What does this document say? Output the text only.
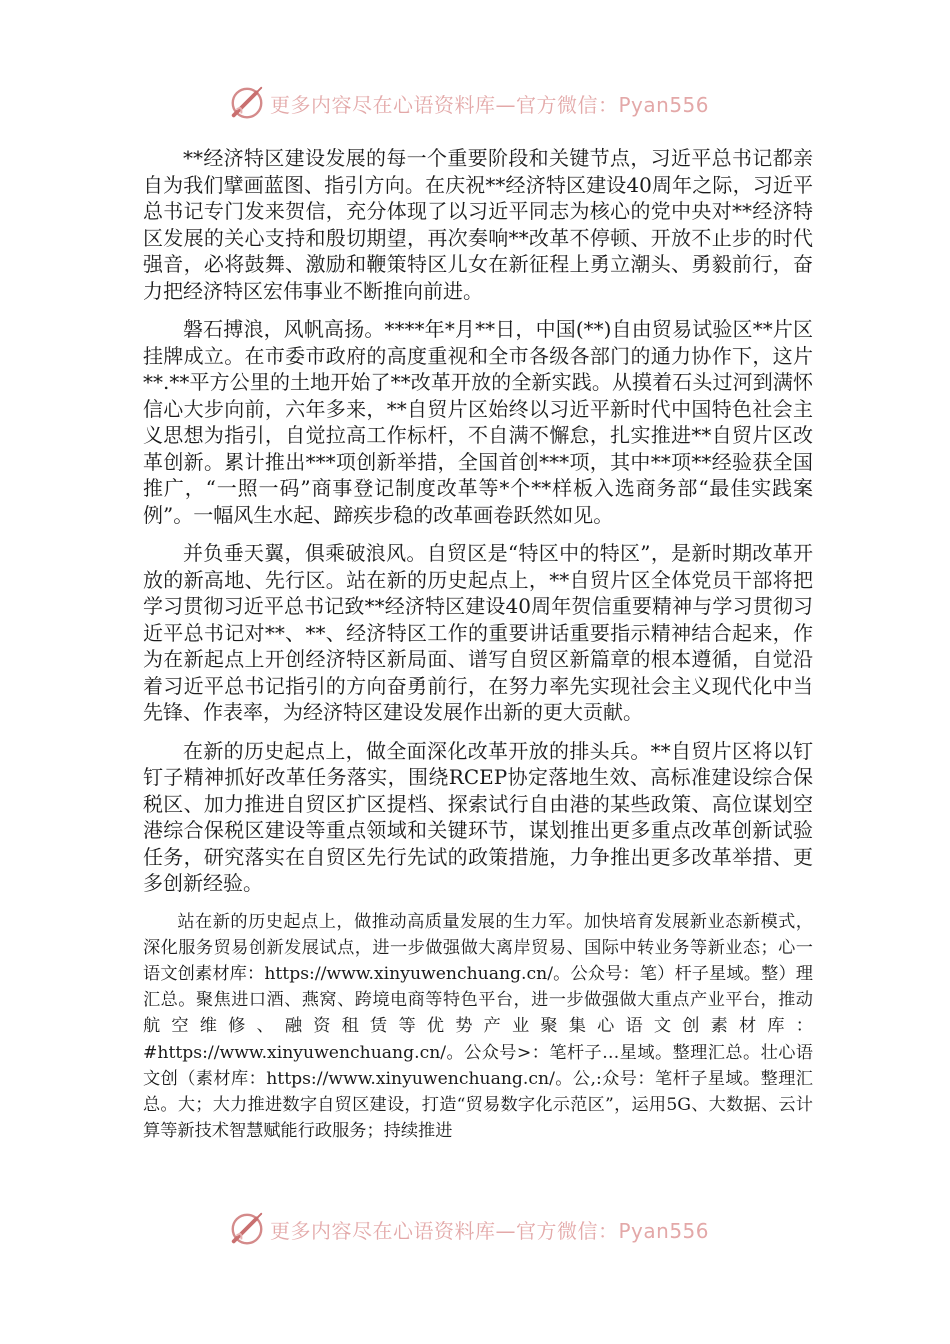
更多内容尽在心语资料库—官方微信：Pyan556

**经济特区建设发展的每一个重要阶段和关键节点，习近平总书记都亲自为我们擘画蓝图、指引方向。在庆祝**经济特区建设40周年之际，习近平总书记专门发来贺信，充分体现了以习近平同志为核心的党中央对**经济特区发展的关心支持和殷切期望，再次奏响**改革不停顿、开放不止步的时代强音，必将鼓舞、激励和鞭策特区儿女在新征程上勇立潮头、勇毅前行，奋力把经济特区宏伟事业不断推向前进。

磐石搏浪，风帆高扬。****年*月**日，中国(**)自由贸易试验区**片区挂牌成立。在市委市政府的高度重视和全市各级各部门的通力协作下，这片**.**平方公里的土地开始了**改革开放的全新实践。从摸着石头过河到满怀信心大步向前，六年多来，**自贸片区始终以习近平新时代中国特色社会主义思想为指引，自觉拉高工作标杆，不自满不懈怠，扎实推进**自贸片区改革创新。累计推出***项创新举措，全国首创***项，其中**项**经验获全国推广，“一照一码”商事登记制度改革等*个**样板入选商务部“最佳实践案例”。一幅风生水起、蹄疾步稳的改革画卷跃然如见。

并负垂天翼，俱乘破浪风。自贸区是“特区中的特区”，是新时期改革开放的新高地、先行区。站在新的历史起点上，**自贸片区全体党员干部将把学习贯彻习近平总书记致**经济特区建设40周年贺信重要精神与学习贯彻习近平总书记对**、**、经济特区工作的重要讲话重要指示精神结合起来，作为在新起点上开创经济特区新局面、谱写自贸区新篇章的根本遵循，自觉沿着习近平总书记指引的方向奋勇前行，在努力率先实现社会主义现代化中当先锋、作表率，为经济特区建设发展作出新的更大贡献。

在新的历史起点上，做全面深化改革开放的排头兵。**自贸片区将以钉钉子精神抓好改革任务落实，围绕RCEP协定落地生效、高标准建设综合保税区、加力推进自贸区扩区提档、探索试行自由港的某些政策、高位谋划空港综合保税区建设等重点领域和关键环节，谋划推出更多重点改革创新试验任务，研究落实在自贸区先行先试的政策措施，力争推出更多改革举措、更多创新经验。

站在新的历史起点上，做推动高质量发展的生力军。加快培育发展新业态新模式，深化服务贸易创新发展试点，进一步做强做大离岸贸易、国际中转业务等新业态；心一语文创素材库：https://www.xinyuwenchuang.cn/。公众号：笔）杆子星域。整）理汇总。聚焦进口酒、燕窝、跨境电商等特色平台，进一步做强做大重点产业平台，推动航空维修、融资租赁等优势产业聚集心语文创素材库：#https://www.xinyuwenchuang.cn/。公众号>：笔杆子…星域。整理汇总。壮心语文创（素材库：https://www.xinyuwenchuang.cn/。公,:众号：笔杆子星域。整理汇总。大；大力推进数字自贸区建设，打造“贸易数字化示范区”，运用5G、大数据、云计算等新技术智慧赋能行政服务；持续推进

更多内容尽在心语资料库—官方微信：Pyan556
